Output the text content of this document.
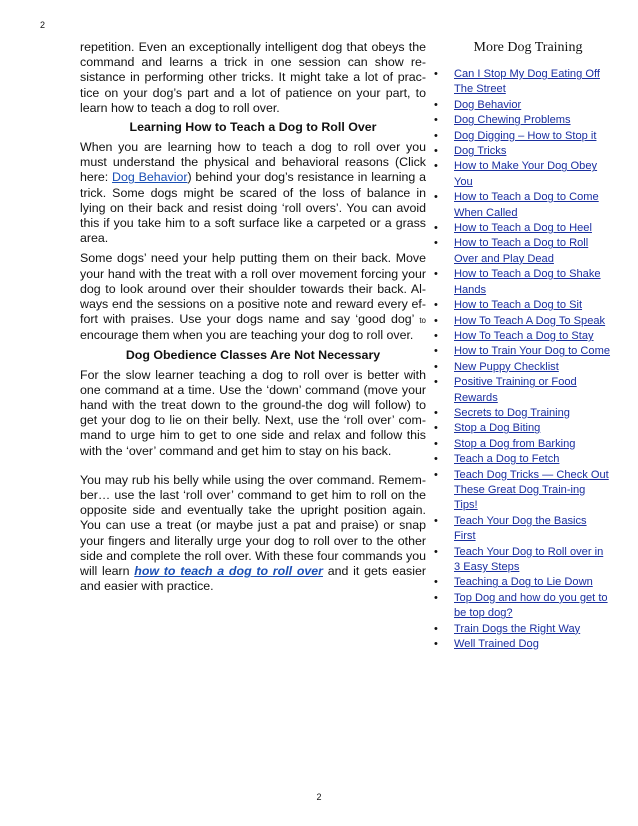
2

repetition. Even an exceptionally intelligent dog that obeys the command and learns a trick in one session can show re-sistance in performing other tricks. It might take a lot of prac-tice on your dog’s part and a lot of patience on your part, to learn how to teach a dog to roll over.

Learning How to Teach a Dog to Roll Over

When you are learning how to teach a dog to roll over you must understand the physical and behavioral reasons (Click here: Dog Behavior) behind your dog’s resistance in learning a trick. Some dogs might be scared of the loss of balance in lying on their back and resist doing ‘roll overs’. You can avoid this if you take him to a soft surface like a carpeted or a grass area.

Some dogs’ need your help putting them on their back. Move your hand with the treat with a roll over movement forcing your dog to look around over their shoulder towards their back. Al-ways end the sessions on a positive note and reward every ef-fort with praises. Use your dogs name and say ‘good dog’ to encourage them when you are teaching your dog to roll over.

Dog Obedience Classes Are Not Necessary

For the slow learner teaching a dog to roll over is better with one command at a time. Use the ‘down’ command (move your hand with the treat down to the ground-the dog will follow) to get your dog to lie on their belly. Next, use the ‘roll over’ com-mand to urge him to get to one side and relax and follow this with the ‘over’ command and get him to stay on his back.

You may rub his belly while using the over command. Remem-ber… use the last ‘roll over’ command to get him to roll on the opposite side and eventually take the upright position again. You can use a treat (or maybe just a pat and praise) or snap your fingers and literally urge your dog to roll over to the other side and complete the roll over. With these four commands you will learn how to teach a dog to roll over and it gets easier and easier with practice.

More Dog Training
• Can I Stop My Dog Eating Off The Street
• Dog Behavior
• Dog Chewing Problems
• Dog Digging – How to Stop it
• Dog Tricks
• How to Make Your Dog Obey You
• How to Teach a Dog to Come When Called
• How to Teach a Dog to Heel
• How to Teach a Dog to Roll Over and Play Dead
• How to Teach a Dog to Shake Hands
• How to Teach a Dog to Sit
• How To Teach A Dog To Speak
• How To Teach a Dog to Stay
• How to Train Your Dog to Come
• New Puppy Checklist
• Positive Training or Food Rewards
• Secrets to Dog Training
• Stop a Dog Biting
• Stop a Dog from Barking
• Teach a Dog to Fetch
• Teach Dog Tricks — Check Out These Great Dog Train-ing Tips!
• Teach Your Dog the Basics First
• Teach Your Dog to Roll over in 3 Easy Steps
• Teaching a Dog to Lie Down
• Top Dog and how do you get to be top dog?
• Train Dogs the Right Way
• Well Trained Dog
2
